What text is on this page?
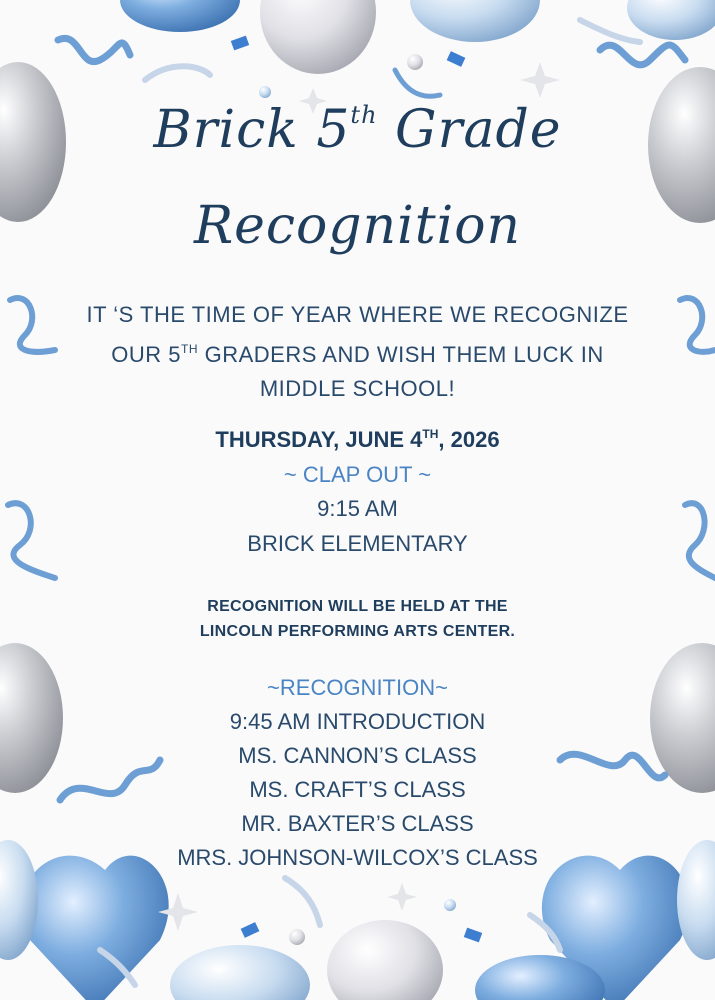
Brick 5th Grade
Recognition
IT ‘S THE TIME OF YEAR WHERE WE RECOGNIZE
OUR 5TH GRADERS AND WISH THEM LUCK IN
MIDDLE SCHOOL!
THURSDAY, JUNE 4TH, 2026
~ CLAP OUT ~
9:15 AM
BRICK ELEMENTARY
RECOGNITION WILL BE HELD AT THE
LINCOLN PERFORMING ARTS CENTER.
~RECOGNITION~
9:45 AM INTRODUCTION
MS. CANNON’S CLASS
MS. CRAFT’S CLASS
MR. BAXTER’S CLASS
MRS. JOHNSON-WILCOX’S CLASS
